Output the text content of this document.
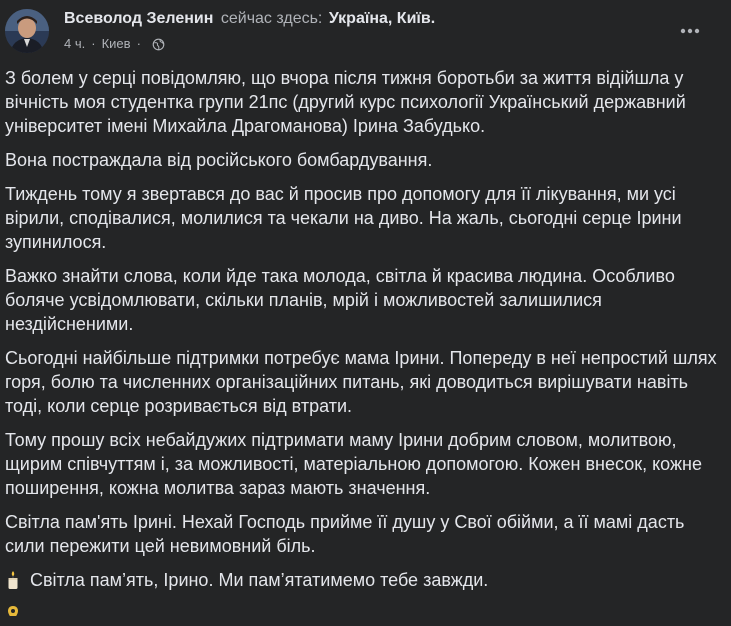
Всеволод Зеленин сейчас здесь: Україна, Київ.
4 ч. · Киев ·

З болем у серці повідомляю, що вчора після тижня боротьби за життя відійшла у вічність моя студентка групи 21пс (другий курс психології Український державний університет імені Михайла Драгоманова) Ірина Забудько.

Вона постраждала від російського бомбардування.

Тиждень тому я звертався до вас й просив про допомогу для її лікування, ми усі вірили, сподівалися, молилися та чекали на диво. На жаль, сьогодні серце Ірини зупинилося.

Важко знайти слова, коли йде така молода, світла й красива людина. Особливо боляче усвідомлювати, скільки планів, мрій і можливостей залишилися нездійсненими.

Сьогодні найбільше підтримки потребує мама Ірини. Попереду в неї непростий шлях горя, болю та численних організаційних питань, які доводиться вирішувати навіть тоді, коли серце розривається від втрати.

Тому прошу всіх небайдужих підтримати маму Ірини добрим словом, молитвою, щирим співчуттям і, за можливості, матеріальною допомогою. Кожен внесок, кожне поширення, кожна молитва зараз мають значення.

Світла пам'ять Ірині. Нехай Господь прийме її душу у Свої обійми, а її мамі дасть сили пережити цей невимовний біль.

Світла пам’ять, Ірино. Ми пам’ятатимемо тебе завжди.
